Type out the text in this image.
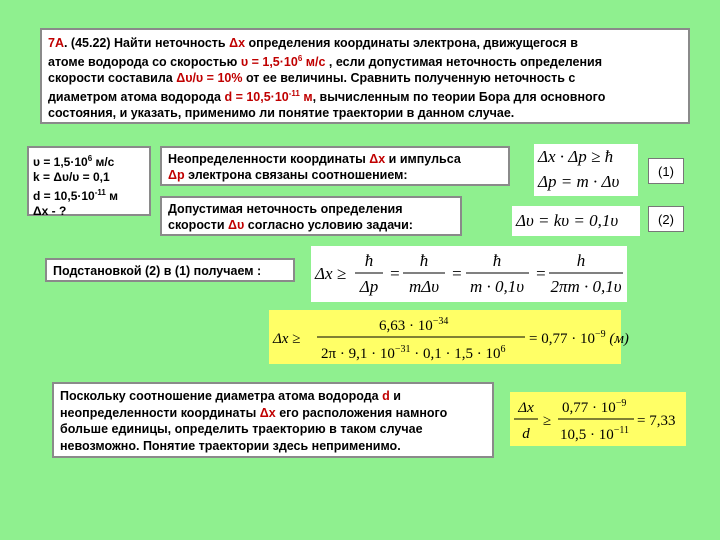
7А. (45.22) Найти неточность Δx определения координаты электрона, движущегося в
атоме водорода со скоростью $\upsilon = 1,5\cdot 10^6$ м/с , если допустимая неточность определения
скорости составила Δυ/υ = 10% от ее величины. Сравнить полученную неточность с
диаметром атома водорода $d = 10,5\cdot 10^{-11}$ м, вычисленным по теории Бора для основного
состояния, и указать, применимо ли понятие траектории в данном случае.
$\upsilon = 1,5\cdot 10^6$ м/с
k = Δυ/υ = 0,1
$d = 10,5\cdot 10^{-11}$ м
Δx - ?
Неопределенности координаты Δx и импульса
Δp электрона связаны соотношением:
Допустимая неточность определения
скорости Δυ согласно условию задачи:
Δx · Δp ≥ ħ
Δp = m · Δυ
(1)
Δυ = kυ = 0,1υ	(2)
Подстановкой (2) в (1) получаем :	Δx ≥
ħ
Δp
=
ħ
mΔυ
=
ħ
m · 0,1υ
=
h
2πm · 0,1υ
Δx ≥
$6,63 \cdot 10^{-34}$
$2\pi \cdot 9,1 \cdot 10^{-31} \cdot 0,1 \cdot 1,5 \cdot 10^6$
= $0,77 \cdot 10^{-9}$ (м)
Поскольку соотношение диаметра атома водорода d и
неопределенности координаты Δx его расположения намного
больше единицы, определить траекторию в таком случае
невозможно. Понятие траектории здесь неприменимо.
Δx
d
≥
$0,77 \cdot 10^{-9}$
$10,5 \cdot 10^{-11}$
= 7,33
